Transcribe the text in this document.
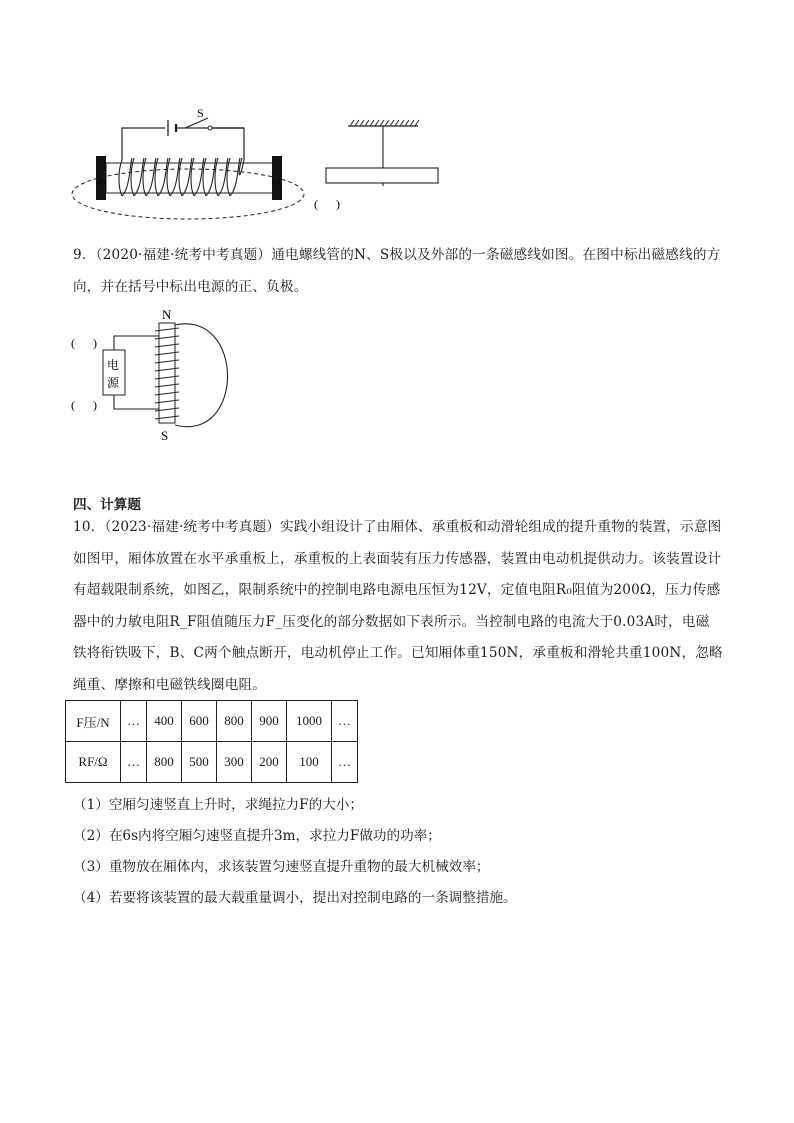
S
(      )
9．（2020·福建·统考中考真题）通电螺线管的N、S极以及外部的一条磁感线如图。在图中标出磁感线的方向，并在括号中标出电源的正、负极。
(      )
(      )
电
源
N
S
四、计算题
10．（2023·福建·统考中考真题）实践小组设计了由厢体、承重板和动滑轮组成的提升重物的装置，示意图如图甲，厢体放置在水平承重板上，承重板的上表面装有压力传感器，装置由电动机提供动力。该装置设计有超载限制系统，如图乙，限制系统中的控制电路电源电压恒为12V，定值电阻R₀阻值为200Ω，压力传感器中的力敏电阻R_F阻值随压力F_压变化的部分数据如下表所示。当控制电路的电流大于0.03A时，电磁铁将衔铁吸下，B、C两个触点断开，电动机停止工作。已知厢体重150N，承重板和滑轮共重100N，忽略绳重、摩擦和电磁铁线圈电阻。
F压/N	…	400	600	800	900	1000	…
RF/Ω	…	800	500	300	200	100	…
（1）空厢匀速竖直上升时，求绳拉力F的大小；
（2）在6s内将空厢匀速竖直提升3m，求拉力F做功的功率；
（3）重物放在厢体内，求该装置匀速竖直提升重物的最大机械效率；
（4）若要将该装置的最大载重量调小，提出对控制电路的一条调整措施。
